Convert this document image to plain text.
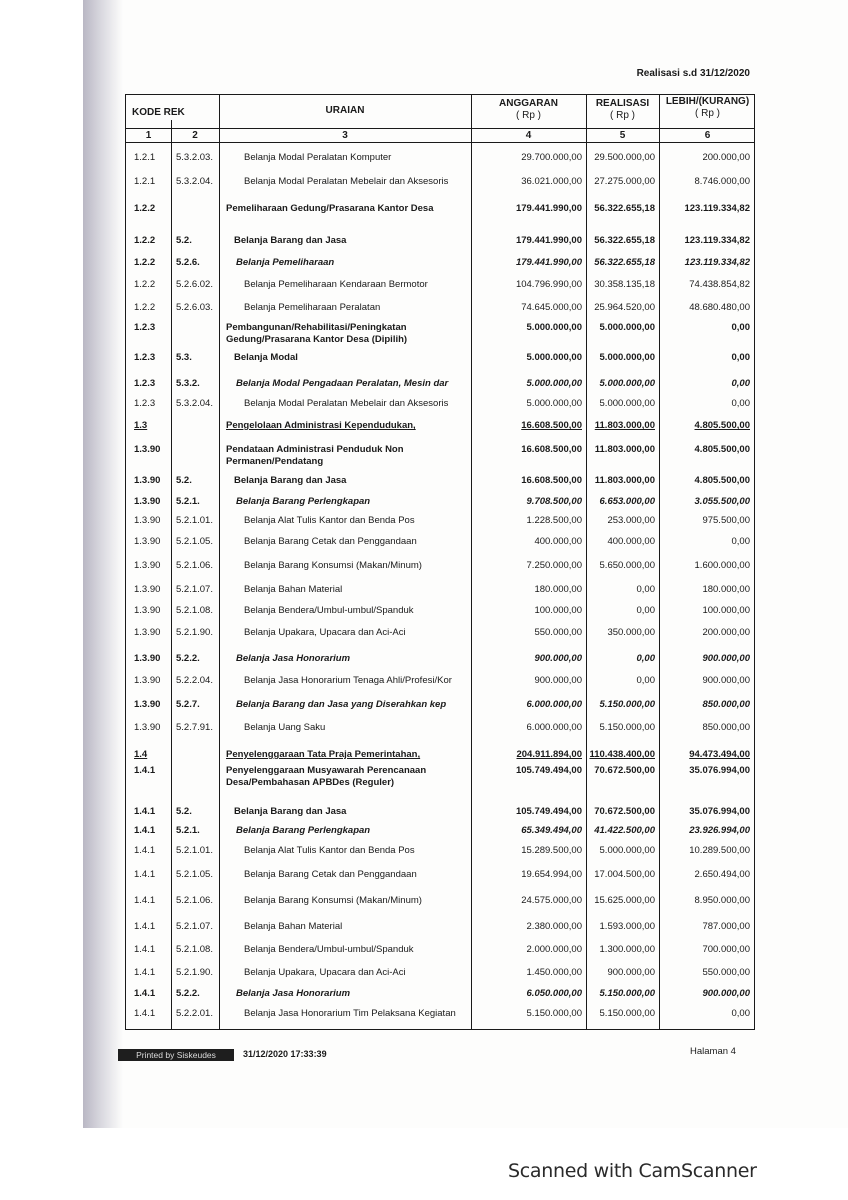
Realisasi s.d 31/12/2020
KODE REK	URAIAN
ANGGARAN
( Rp )
REALISASI
( Rp )
LEBIH/(KURANG)
( Rp )
1	2	3	4	5	6
1.2.1 5.3.2.03.	Belanja Modal Peralatan Komputer	29.700.000,00 29.500.000,00	200.000,00
1.2.1 5.3.2.04.	Belanja Modal Peralatan Mebelair dan Aksesoris	36.021.000,00 27.275.000,00	8.746.000,00
1.2.2	Pemeliharaan Gedung/Prasarana Kantor Desa	179.441.990,00 56.322.655,18	123.119.334,82
1.2.2 5.2.	Belanja Barang dan Jasa	179.441.990,00 56.322.655,18	123.119.334,82
1.2.2 5.2.6.	Belanja Pemeliharaan	179.441.990,00 56.322.655,18	123.119.334,82
1.2.2 5.2.6.02.	Belanja Pemeliharaan Kendaraan Bermotor	104.796.990,00 30.358.135,18	74.438.854,82
1.2.2 5.2.6.03.	Belanja Pemeliharaan Peralatan	74.645.000,00 25.964.520,00	48.680.480,00
1.2.3	Pembangunan/Rehabilitasi/Peningkatan Gedung/Prasarana Kantor Desa (Dipilih)
5.000.000,00 5.000.000,00	0,00
1.2.3 5.3.	Belanja Modal	5.000.000,00 5.000.000,00	0,00
1.2.3 5.3.2.	Belanja Modal Pengadaan Peralatan, Mesin dar	5.000.000,00 5.000.000,00	0,00
1.2.3 5.3.2.04.	Belanja Modal Peralatan Mebelair dan Aksesoris	5.000.000,00 5.000.000,00	0,00
1.3	Pengelolaan Administrasi Kependudukan,	16.608.500,00 11.803.000,00	4.805.500,00
1.3.90	Pendataan Administrasi Penduduk Non Permanen/Pendatang
16.608.500,00 11.803.000,00	4.805.500,00
1.3.90 5.2.	Belanja Barang dan Jasa	16.608.500,00 11.803.000,00	4.805.500,00
1.3.90 5.2.1.	Belanja Barang Perlengkapan	9.708.500,00 6.653.000,00	3.055.500,00
1.3.90 5.2.1.01.	Belanja Alat Tulis Kantor dan Benda Pos	1.228.500,00	253.000,00	975.500,00
1.3.90 5.2.1.05.	Belanja Barang Cetak dan Penggandaan	400.000,00	400.000,00	0,00
1.3.90 5.2.1.06.	Belanja Barang Konsumsi (Makan/Minum)	7.250.000,00 5.650.000,00	1.600.000,00
1.3.90 5.2.1.07.	Belanja Bahan Material	180.000,00	0,00	180.000,00
1.3.90 5.2.1.08.	Belanja Bendera/Umbul-umbul/Spanduk	100.000,00	0,00	100.000,00
1.3.90 5.2.1.90.	Belanja Upakara, Upacara dan Aci-Aci	550.000,00	350.000,00	200.000,00
1.3.90 5.2.2.	Belanja Jasa Honorarium	900.000,00	0,00	900.000,00
1.3.90 5.2.2.04.	Belanja Jasa Honorarium Tenaga Ahli/Profesi/Kor	900.000,00	0,00	900.000,00
1.3.90 5.2.7.	Belanja Barang dan Jasa yang Diserahkan kep	6.000.000,00 5.150.000,00	850.000,00
1.3.90 5.2.7.91.	Belanja Uang Saku	6.000.000,00 5.150.000,00	850.000,00
1.4	Penyelenggaraan Tata Praja Pemerintahan,	204.911.894,00 110.438.400,00	94.473.494,00
1.4.1	Penyelenggaraan Musyawarah Perencanaan Desa/Pembahasan APBDes (Reguler)
105.749.494,00 70.672.500,00	35.076.994,00
1.4.1 5.2.	Belanja Barang dan Jasa	105.749.494,00 70.672.500,00	35.076.994,00
1.4.1 5.2.1.	Belanja Barang Perlengkapan	65.349.494,00 41.422.500,00	23.926.994,00
1.4.1 5.2.1.01.	Belanja Alat Tulis Kantor dan Benda Pos	15.289.500,00 5.000.000,00	10.289.500,00
1.4.1 5.2.1.05.	Belanja Barang Cetak dan Penggandaan	19.654.994,00 17.004.500,00	2.650.494,00
1.4.1 5.2.1.06.	Belanja Barang Konsumsi (Makan/Minum)	24.575.000,00 15.625.000,00	8.950.000,00
1.4.1 5.2.1.07.	Belanja Bahan Material	2.380.000,00 1.593.000,00	787.000,00
1.4.1 5.2.1.08.	Belanja Bendera/Umbul-umbul/Spanduk	2.000.000,00 1.300.000,00	700.000,00
1.4.1 5.2.1.90.	Belanja Upakara, Upacara dan Aci-Aci	1.450.000,00	900.000,00	550.000,00
1.4.1 5.2.2.	Belanja Jasa Honorarium	6.050.000,00 5.150.000,00	900.000,00
1.4.1 5.2.2.01.	Belanja Jasa Honorarium Tim Pelaksana Kegiatan	5.150.000,00 5.150.000,00	0,00
Printed by Siskeudes	31/12/2020 17:33:39	Halaman 4
Scanned with CamScanner
